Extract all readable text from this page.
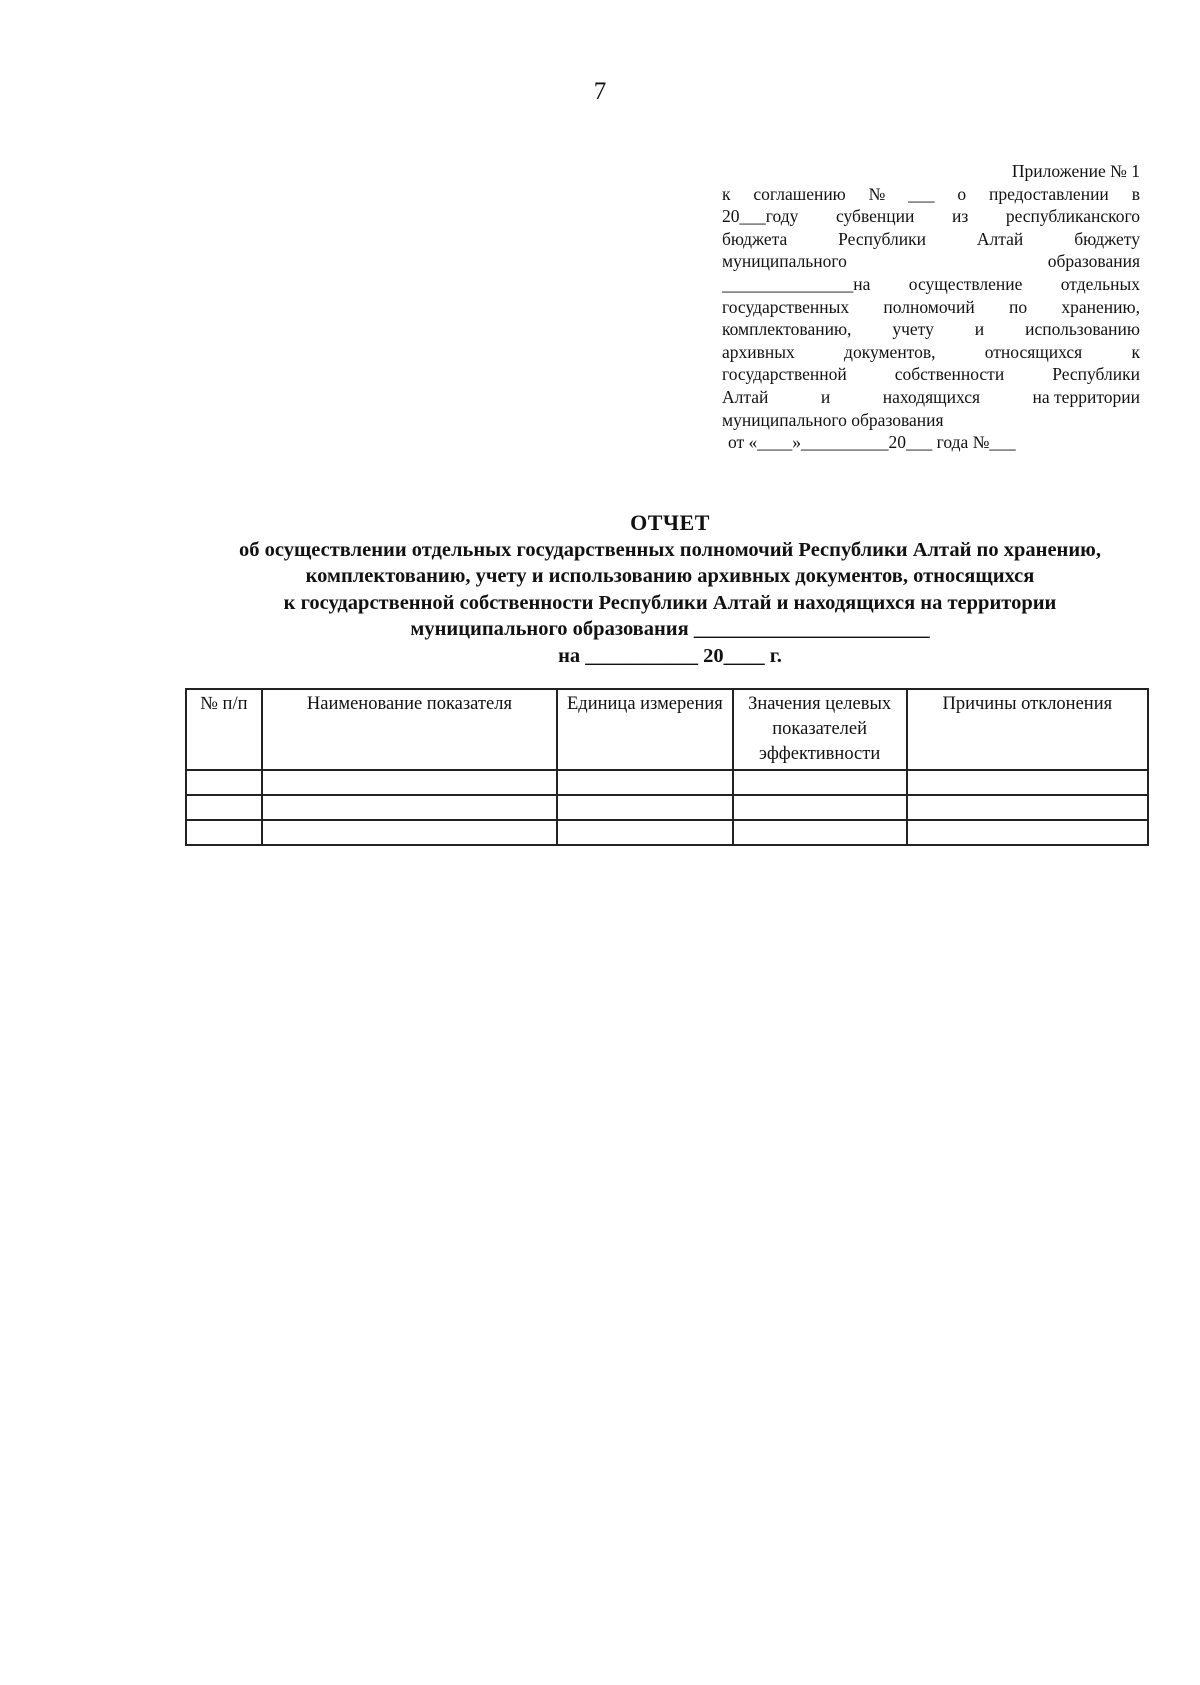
7
Приложение № 1
к соглашению № ___ о предоставлении в
20___году субвенции из республиканского
бюджета	Республики	Алтай	бюджету
муниципального	образования
_______________на осуществление отдельных
государственных полномочий по хранению,
комплектованию, учету и использованию
архивных	документов,	относящихся	к
государственной	собственности	Республики
Алтай	и	находящихся	на территории
муниципального образования
от «____»__________20___ года №___
ОТЧЕТ
об осуществлении отдельных государственных полномочий Республики Алтай по хранению,
комплектованию, учету и использованию архивных документов, относящихся
к государственной собственности Республики Алтай и находящихся на территории
муниципального образования _______________________
на ___________ 20____ г.
№ п/п	Наименование показателя	Единица измерения	Значения целевых показателей эффективности	Причины отклонения
